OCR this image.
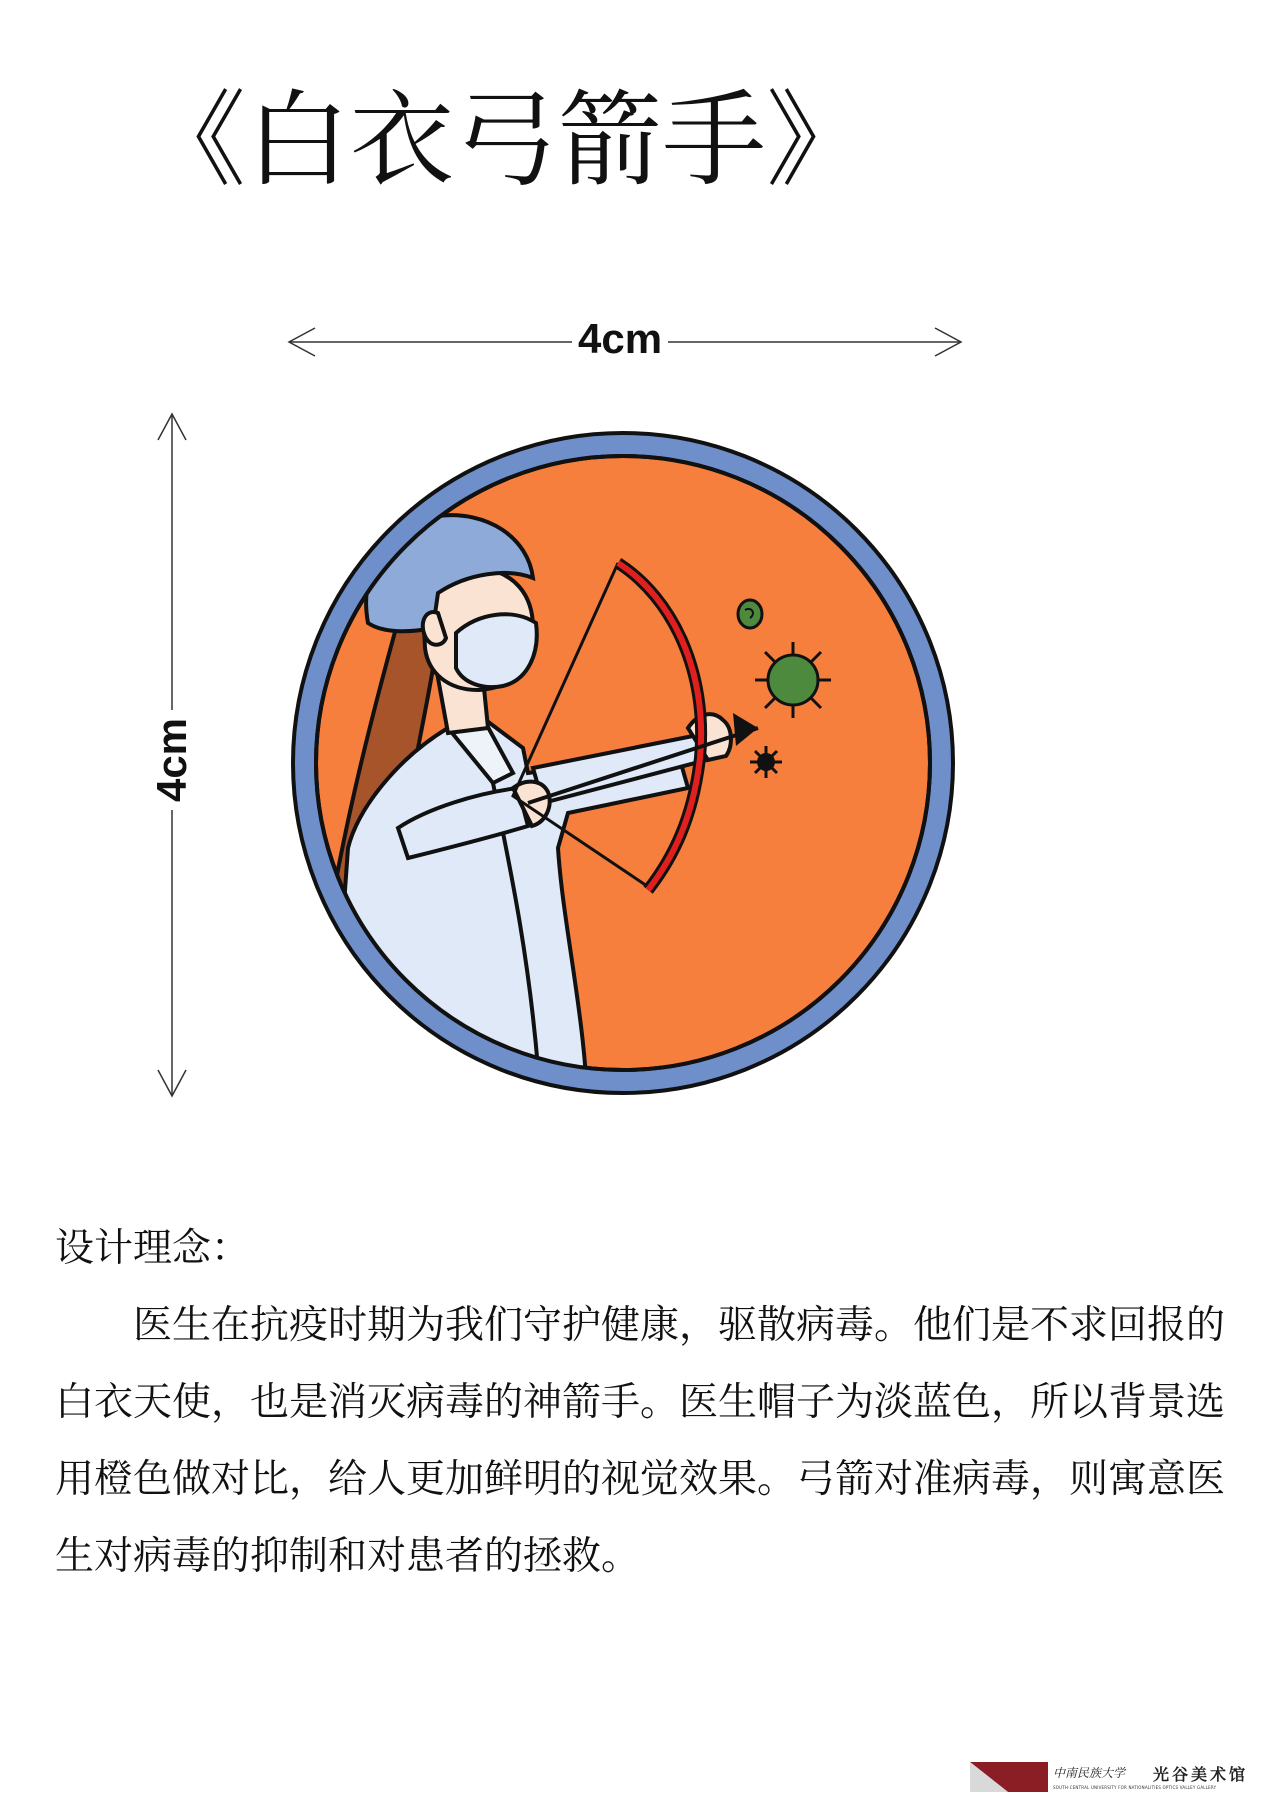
《白衣弓箭手》
4cm
4cm
设计理念：
医生在抗疫时期为我们守护健康，驱散病毒。他们是不求回报的白衣天使，也是消灭病毒的神箭手。医生帽子为淡蓝色，所以背景选用橙色做对比，给人更加鲜明的视觉效果。弓箭对准病毒，则寓意医生对病毒的抑制和对患者的拯救。
中南民族大学 光谷美术馆
SOUTH-CENTRAL UNIVERSITY FOR NATIONALITIES OPTICS VALLEY GALLERY
